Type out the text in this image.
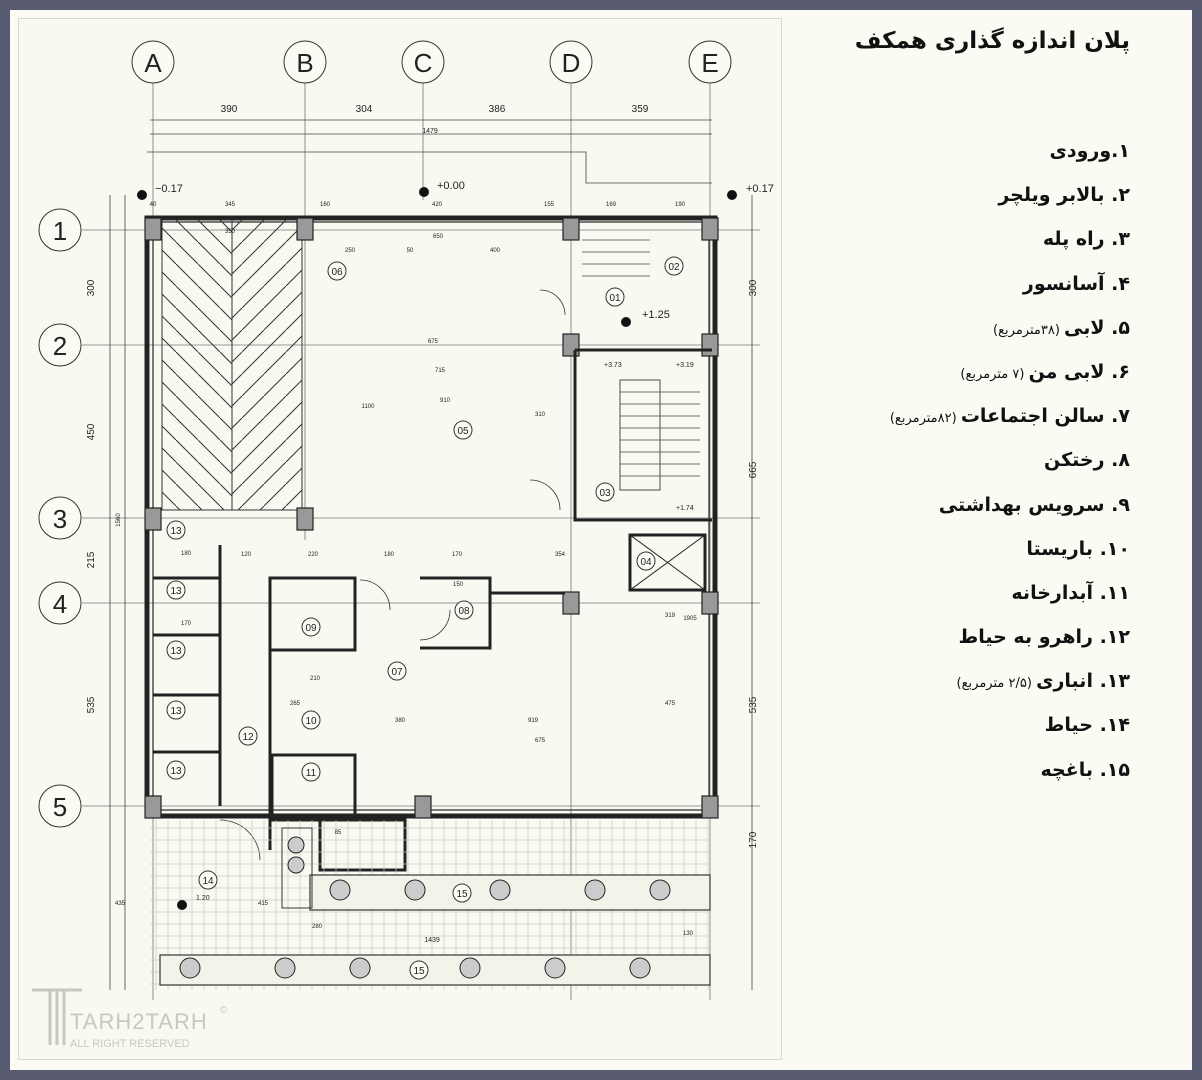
A	B	C	D	E
1
2
3
4
5
390	304	386	359
1479
40	345	160	420	155	169	190
300
450
215
535
300
665
535
170
1560
1439
650
250	50	400
675
715
1100
910
310
180
350
170
120	220	180	170	354
150
319
919
380
675
475
705
154
85
210
265
435	415
280
130
1905
−0.17	+0.00	+0.17
+1.25
+3.73	+3.19
+1.74
1.20
01
02
03
04
05
06
07
08
09
10
11
12
13
13
13
13
13
14
15
15
پلان اندازه گذاری همکف
۱.ورودی
۲. بالابر ویلچر
۳. راه پله
۴. آسانسور
۵. لابی (۳۸مترمربع)
۶. لابی من (۷ مترمربع)
۷. سالن اجتماعات (۸۲مترمربع)
۸. رختکن
۹. سرویس بهداشتی
۱۰. باریستا
۱۱. آبدارخانه
۱۲. راهرو به حیاط
۱۳. انباری (۲/۵ مترمربع)
۱۴. حیاط
۱۵. باغچه
TARH2TARH
ALL RIGHT RESERVED
©
